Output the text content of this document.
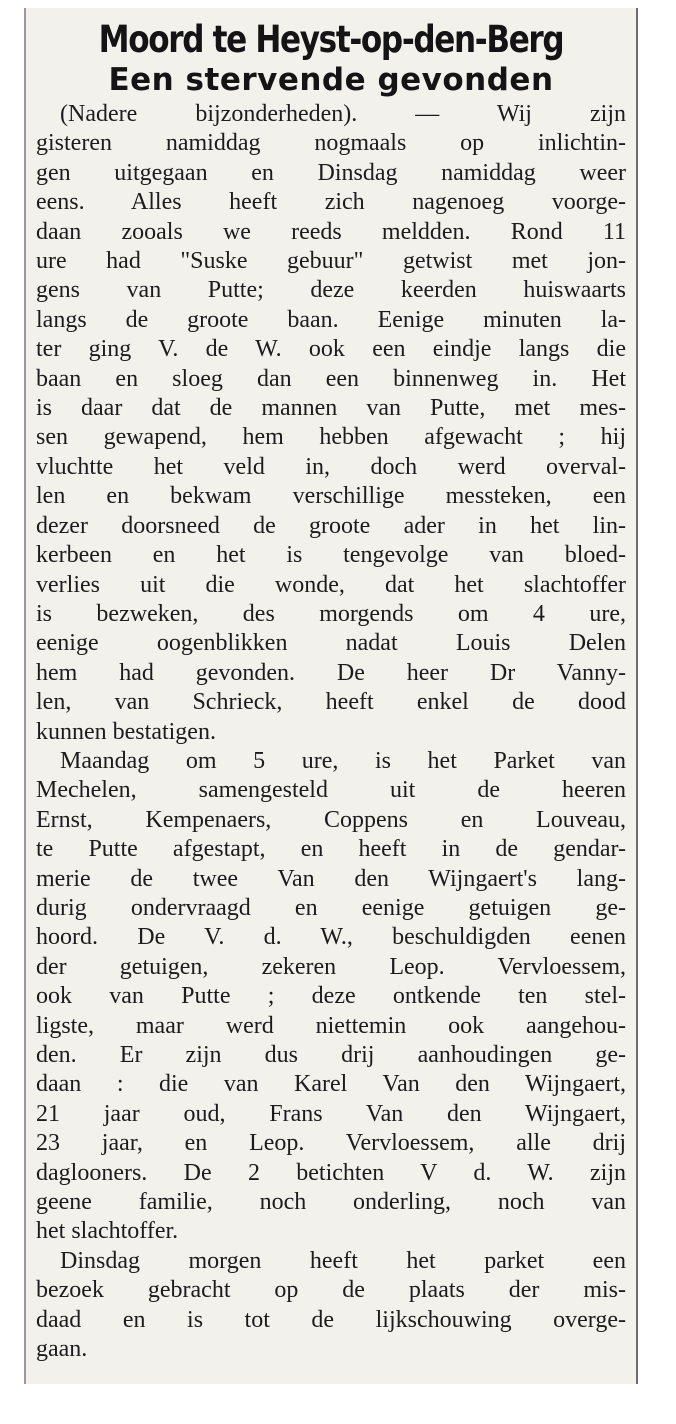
Moord te Heyst-op-den-Berg
Een stervende gevonden
(Nadere bijzonderheden). — Wij zijn
gisteren namiddag nogmaals op inlichtin-
gen uitgegaan en Dinsdag namiddag weer
eens. Alles heeft zich nagenoeg voorge-
daan zooals we reeds meldden. Rond 11
ure had "Suske gebuur" getwist met jon-
gens van Putte; deze keerden huiswaarts
langs de groote baan. Eenige minuten la-
ter ging V. de W. ook een eindje langs die
baan en sloeg dan een binnenweg in. Het
is daar dat de mannen van Putte, met mes-
sen gewapend, hem hebben afgewacht ; hij
vluchtte het veld in, doch werd overval-
len en bekwam verschillige messteken, een
dezer doorsneed de groote ader in het lin-
kerbeen en het is tengevolge van bloed-
verlies uit die wonde, dat het slachtoffer
is bezweken, des morgends om 4 ure,
eenige oogenblikken nadat Louis Delen
hem had gevonden. De heer Dr Vanny-
len, van Schrieck, heeft enkel de dood
kunnen bestatigen.
Maandag om 5 ure, is het Parket van
Mechelen, samengesteld uit de heeren
Ernst, Kempenaers, Coppens en Louveau,
te Putte afgestapt, en heeft in de gendar-
merie de twee Van den Wijngaert's lang-
durig ondervraagd en eenige getuigen ge-
hoord. De V. d. W., beschuldigden eenen
der getuigen, zekeren Leop. Vervloessem,
ook van Putte ; deze ontkende ten stel-
ligste, maar werd niettemin ook aangehou-
den. Er zijn dus drij aanhoudingen ge-
daan : die van Karel Van den Wijngaert,
21 jaar oud, Frans Van den Wijngaert,
23 jaar, en Leop. Vervloessem, alle drij
daglooners. De 2 betichten V d. W. zijn
geene familie, noch onderling, noch van
het slachtoffer.
Dinsdag morgen heeft het parket een
bezoek gebracht op de plaats der mis-
daad en is tot de lijkschouwing overge-
gaan.
